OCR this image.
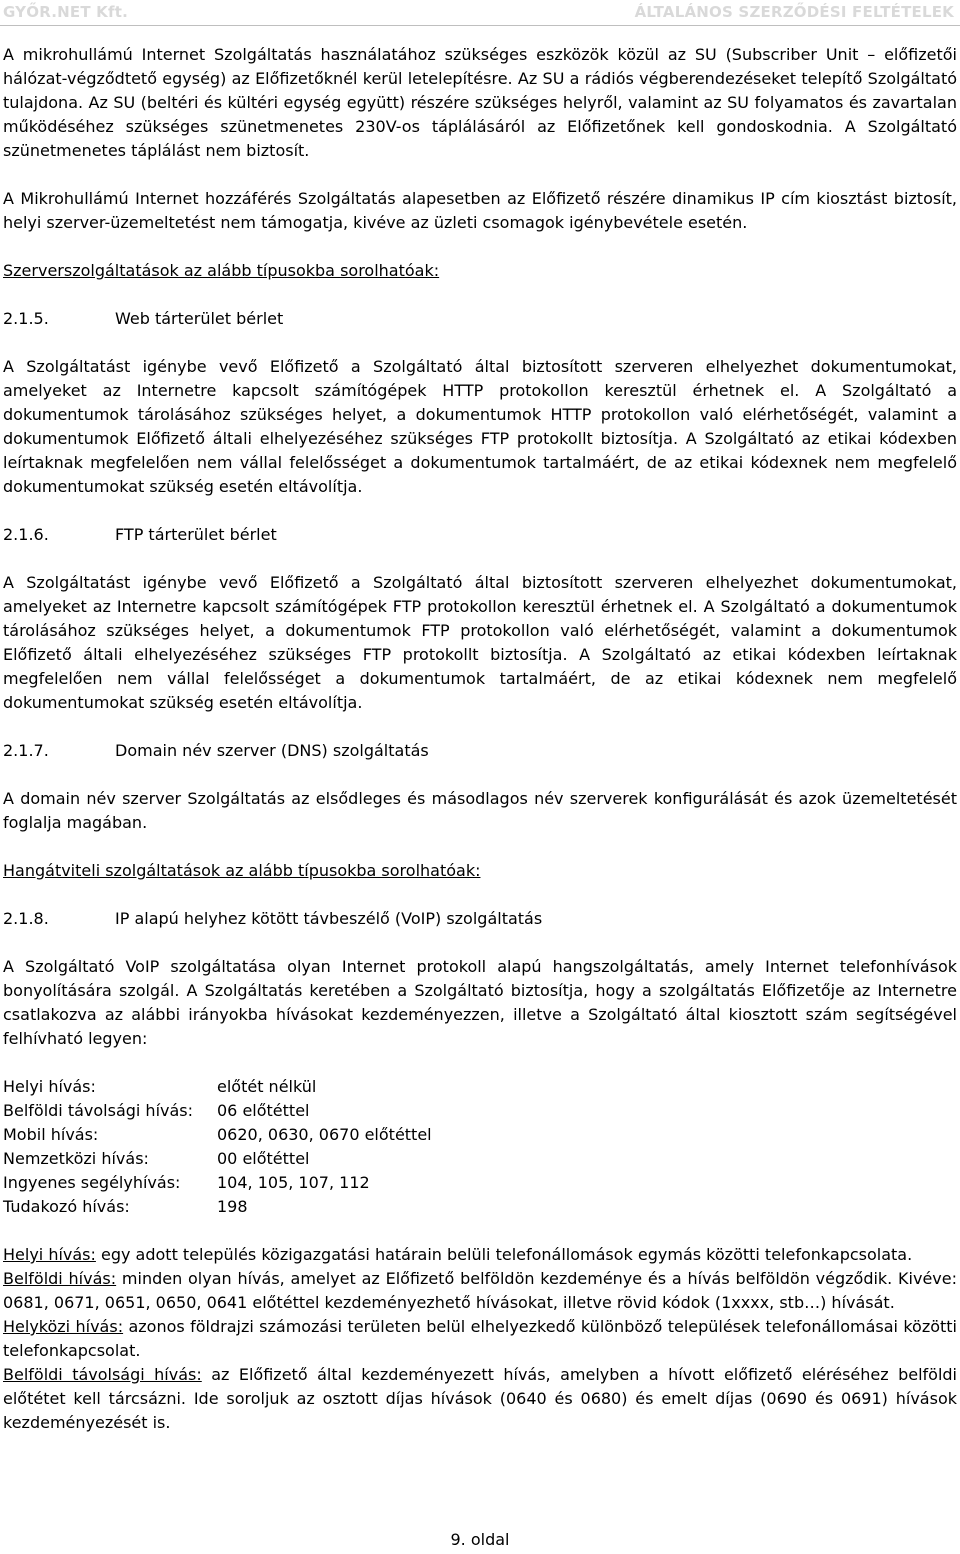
GYŐR.NET Kft.	ÁLTALÁNOS SZERZŐDÉSI FELTÉTELEK

A mikrohullámú Internet Szolgáltatás használatához szükséges eszközök közül az SU (Subscriber Unit – előfizetői hálózat-végződtető egység) az Előfizetőknél kerül letelepítésre. Az SU a rádiós végberendezéseket telepítő Szolgáltató tulajdona. Az SU (beltéri és kültéri egység együtt) részére szükséges helyről, valamint az SU folyamatos és zavartalan működéséhez szükséges szünetmenetes 230V-os táplálásáról az Előfizetőnek kell gondoskodnia. A Szolgáltató szünetmenetes táplálást nem biztosít.

A Mikrohullámú Internet hozzáférés Szolgáltatás alapesetben az Előfizető részére dinamikus IP cím kiosztást biztosít, helyi szerver-üzemeltetést nem támogatja, kivéve az üzleti csomagok igénybevétele esetén.

Szerverszolgáltatások az alább típusokba sorolhatóak:
2.1.5.	Web tárterület bérlet

A Szolgáltatást igénybe vevő Előfizető a Szolgáltató által biztosított szerveren elhelyezhet dokumentumokat, amelyeket az Internetre kapcsolt számítógépek HTTP protokollon keresztül érhetnek el. A Szolgáltató a dokumentumok tárolásához szükséges helyet, a dokumentumok HTTP protokollon való elérhetőségét, valamint a dokumentumok Előfizető általi elhelyezéséhez szükséges FTP protokollt biztosítja. A Szolgáltató az etikai kódexben leírtaknak megfelelően nem vállal felelősséget a dokumentumok tartalmáért, de az etikai kódexnek nem megfelelő dokumentumokat szükség esetén eltávolítja.

2.1.6.	FTP tárterület bérlet

A Szolgáltatást igénybe vevő Előfizető a Szolgáltató által biztosított szerveren elhelyezhet dokumentumokat, amelyeket az Internetre kapcsolt számítógépek FTP protokollon keresztül érhetnek el. A Szolgáltató a dokumentumok tárolásához szükséges helyet, a dokumentumok FTP protokollon való elérhetőségét, valamint a dokumentumok Előfizető általi elhelyezéséhez szükséges FTP protokollt biztosítja. A Szolgáltató az etikai kódexben leírtaknak megfelelően nem vállal felelősséget a dokumentumok tartalmáért, de az etikai kódexnek nem megfelelő dokumentumokat szükség esetén eltávolítja.

2.1.7.	Domain név szerver (DNS) szolgáltatás

A domain név szerver Szolgáltatás az elsődleges és másodlagos név szerverek konfigurálását és azok üzemeltetését foglalja magában.

Hangátviteli szolgáltatások az alább típusokba sorolhatóak:
2.1.8.	IP alapú helyhez kötött távbeszélő (VoIP) szolgáltatás

A Szolgáltató VoIP szolgáltatása olyan Internet protokoll alapú hangszolgáltatás, amely Internet telefonhívások bonyolítására szolgál. A Szolgáltatás keretében a Szolgáltató biztosítja, hogy a szolgáltatás Előfizetője az Internetre csatlakozva az alábbi irányokba hívásokat kezdeményezzen, illetve a Szolgáltató által kiosztott szám segítségével felhívható legyen:

Helyi hívás:	előtét nélkül
Belföldi távolsági hívás:	06 előtéttel
Mobil hívás:	0620, 0630, 0670 előtéttel
Nemzetközi hívás:	00 előtéttel
Ingyenes segélyhívás:	104, 105, 107, 112
Tudakozó hívás:	198

Helyi hívás: egy adott település közigazgatási határain belüli telefonállomások egymás közötti telefonkapcsolata.

Belföldi hívás: minden olyan hívás, amelyet az Előfizető belföldön kezdeménye és a hívás belföldön végződik. Kivéve: 0681, 0671, 0651, 0650, 0641 előtéttel kezdeményezhető hívásokat, illetve rövid kódok (1xxxx, stb…) hívását.

Helyközi hívás: azonos földrajzi számozási területen belül elhelyezkedő különböző települések telefonállomásai közötti telefonkapcsolat.

Belföldi távolsági hívás: az Előfizető által kezdeményezett hívás, amelyben a hívott előfizető eléréséhez belföldi előtétet kell tárcsázni. Ide soroljuk az osztott díjas hívások (0640 és 0680) és emelt díjas (0690 és 0691) hívások kezdeményezését is.

9. oldal
